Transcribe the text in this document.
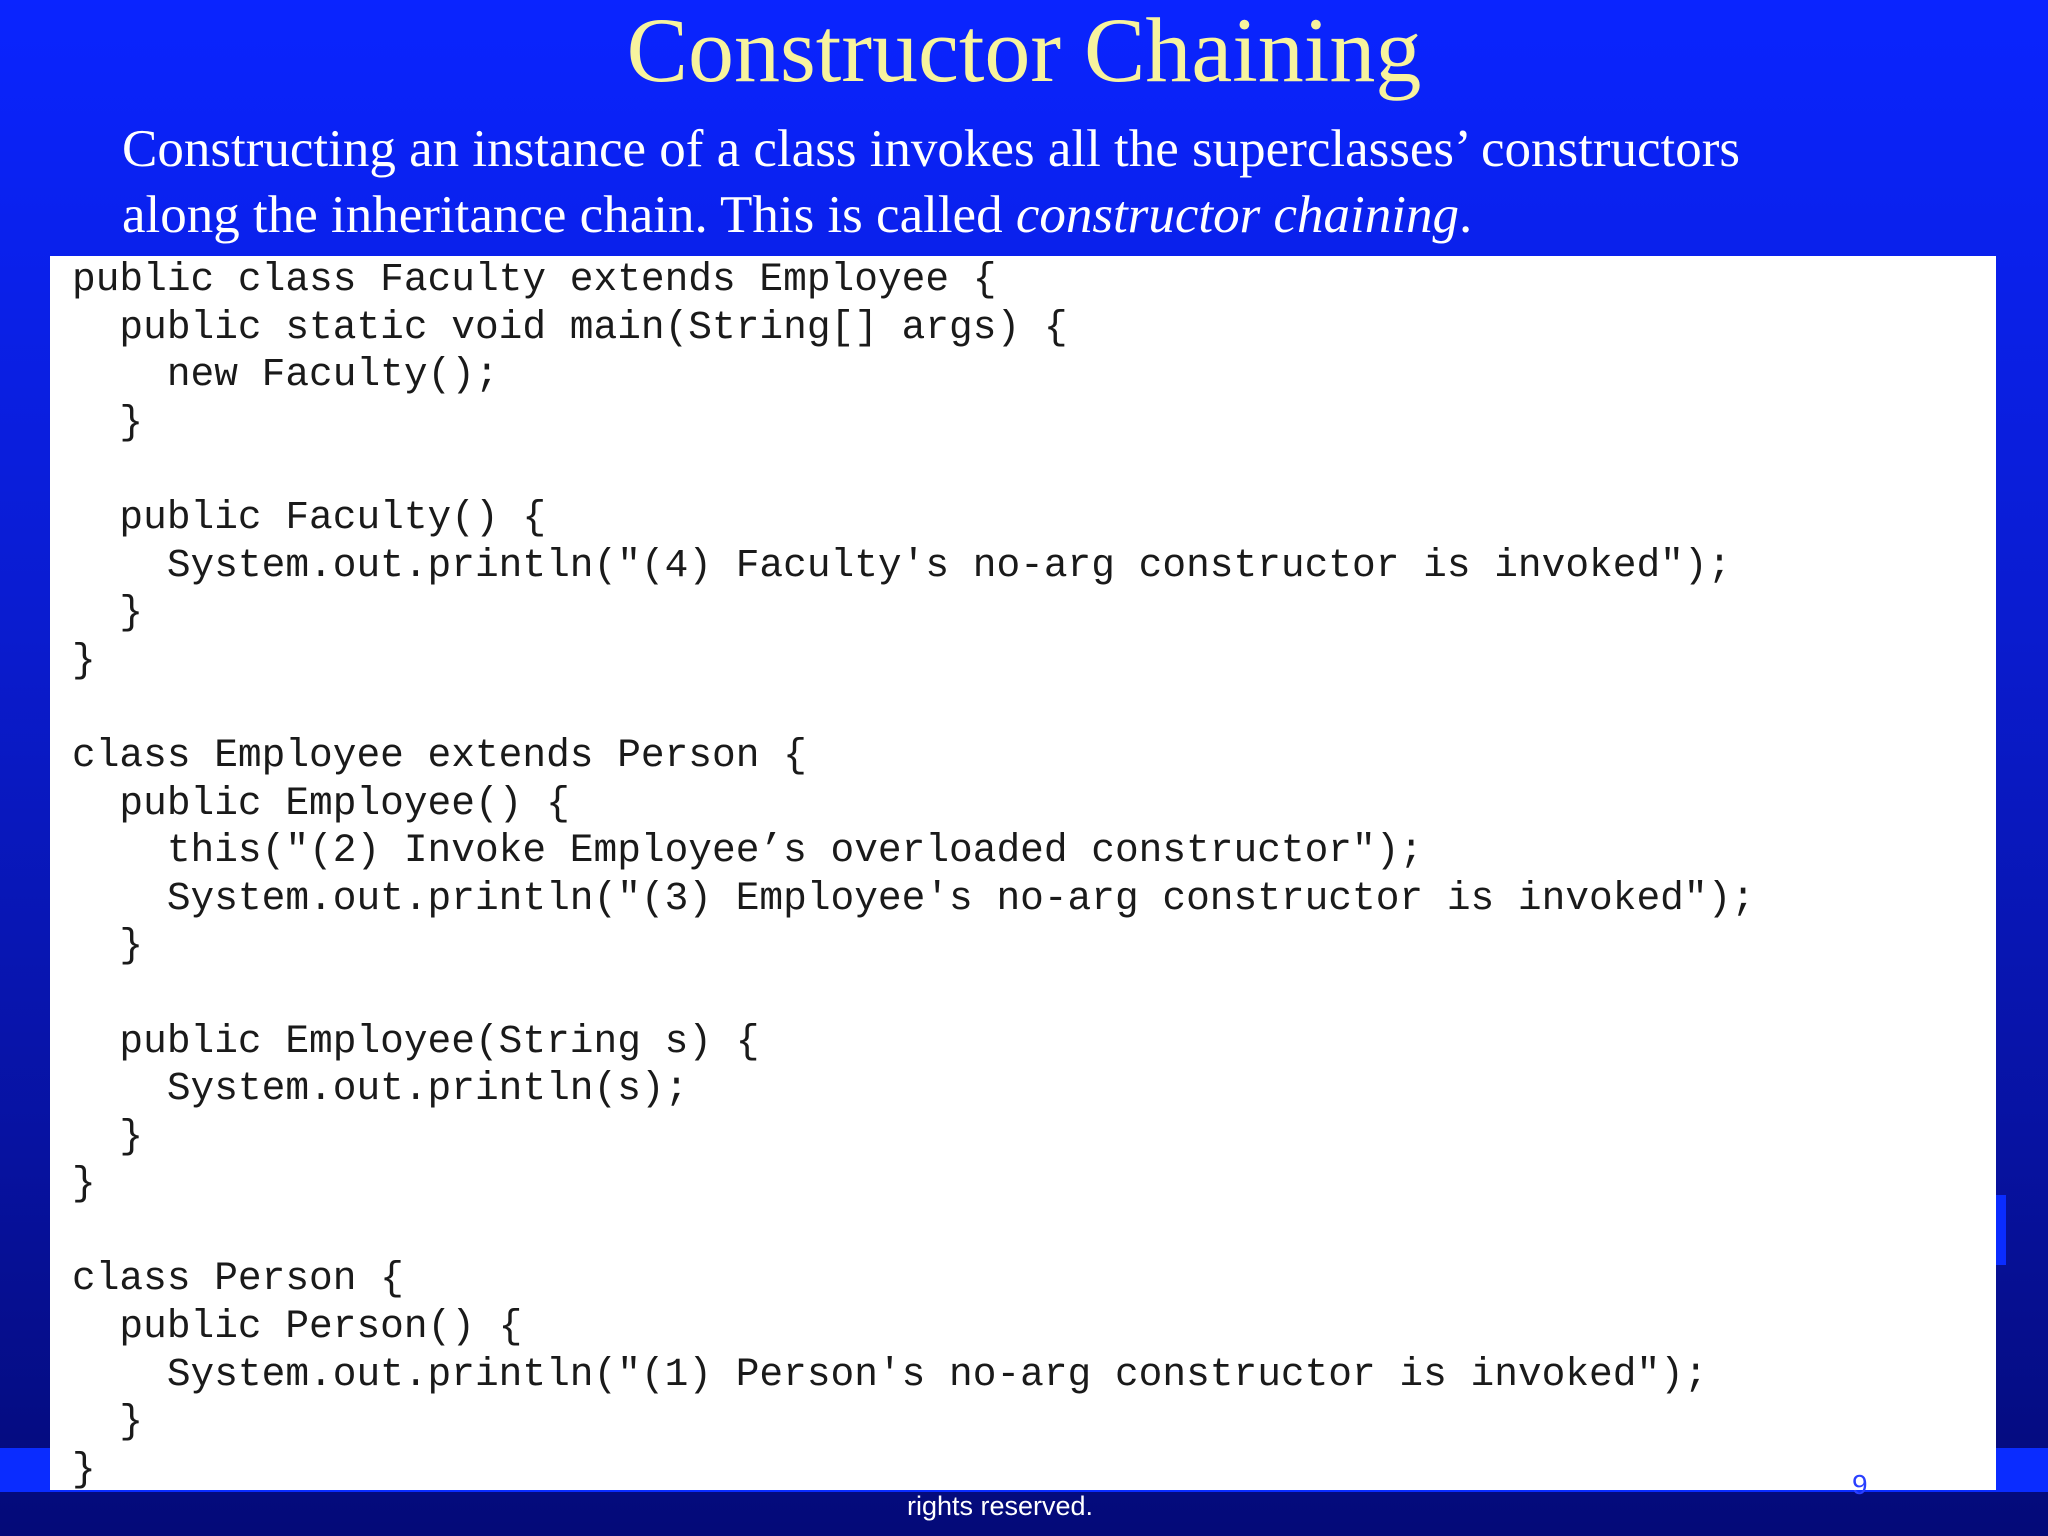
Constructor Chaining
Constructing an instance of a class invokes all the superclasses’ constructors
along the inheritance chain. This is called constructor chaining.
public class Faculty extends Employee {
public static void main(String[] args) {
new Faculty();
}
public Faculty() {
System.out.println("(4) Faculty's no-arg constructor is invoked");
}
}
class Employee extends Person {
public Employee() {
this("(2) Invoke Employee’s overloaded constructor");
System.out.println("(3) Employee's no-arg constructor is invoked");
}
public Employee(String s) {
System.out.println(s);
}
}
class Person {
public Person() {
System.out.println("(1) Person's no-arg constructor is invoked");
}
}	9
rights reserved.
